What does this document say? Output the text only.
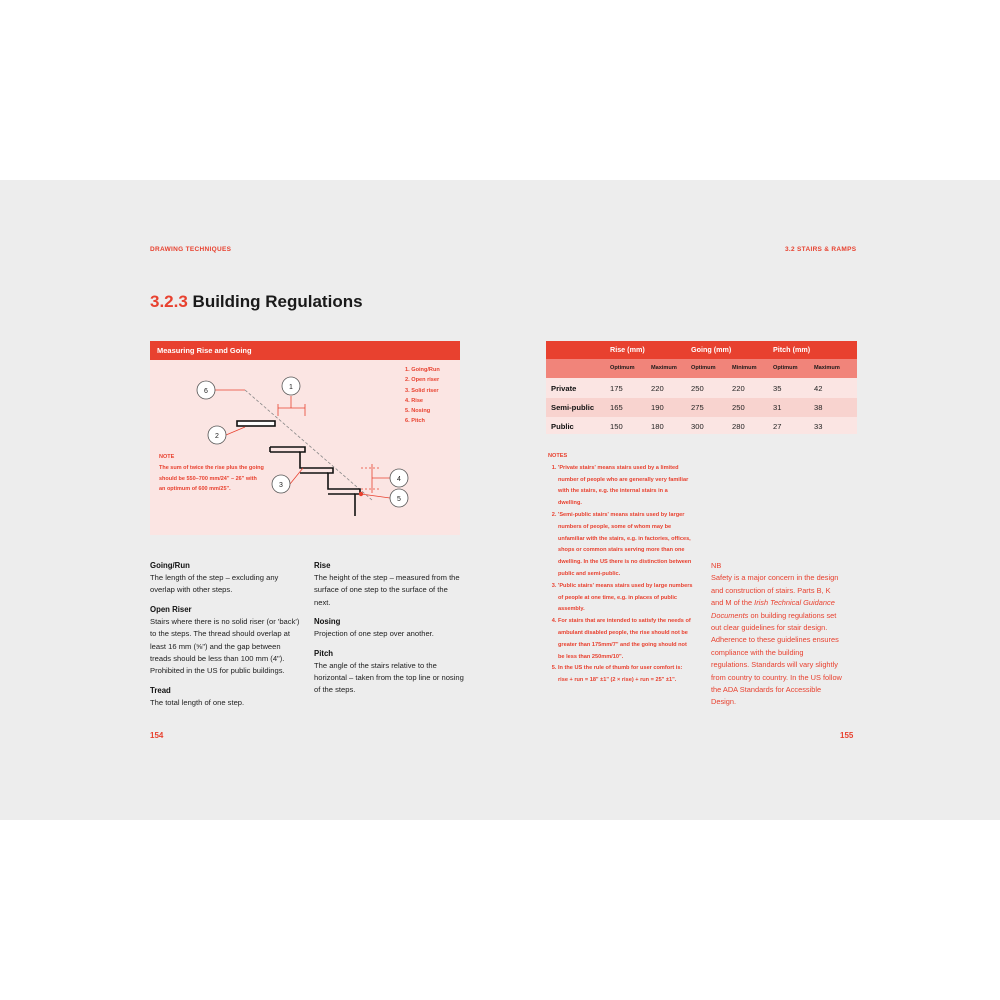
DRAWING TECHNIQUES
3.2.3 Building Regulations
Measuring Rise and Going
1
2
3
4
5
6
1. Going/Run
2. Open riser
3. Solid riser
4. Rise
5. Nosing
6. Pitch
NOTE
The sum of twice the rise plus the going should be 550–700 mm/24" – 26" with an optimum of 600 mm/25".
Going/Run
The length of the step – excluding any overlap with other steps.
Open Riser
Stairs where there is no solid riser (or 'back') to the steps. The thread should overlap at least 16 mm (⅝") and the gap between treads should be less than 100 mm (4"). Prohibited in the US for public buildings.
Tread
The total length of one step.
Rise
The height of the step – measured from the surface of one step to the surface of the next.
Nosing
Projection of one step over another.
Pitch
The angle of the stairs relative to the horizontal – taken from the top line or nosing of the steps.
154
3.2 STAIRS & RAMPS
Rise (mm)	Going (mm)	Pitch (mm)
Optimum	Maximum	Optimum	Minimum	Optimum	Maximum
Private	175	220	250	220	35	42
Semi-public 165	190	275	250	31	38
Public	150	180	300	280	27	33
NOTES
1. 'Private stairs' means stairs used by a limited number of people who are generally very familiar with the stairs, e.g. the internal stairs in a dwelling.
2. 'Semi-public stairs' means stairs used by larger numbers of people, some of whom may be unfamiliar with the stairs, e.g. in factories, offices, shops or common stairs serving more than one dwelling. In the US there is no distinction between public and semi-public.
3. 'Public stairs' means stairs used by large numbers of people at one time, e.g. in places of public assembly.
4. For stairs that are intended to satisfy the needs of ambulant disabled people, the rise should not be greater than 175mm/7" and the going should not be less than 250mm/10".
5. In the US the rule of thumb for user comfort is: rise + run = 18" ±1" (2 × rise) + run = 25" ±1".
NB
Safety is a major concern in the design and construction of stairs. Parts B, K and M of the Irish Technical Guidance Documents on building regulations set out clear guidelines for stair design. Adherence to these guidelines ensures compliance with the building regulations. Standards will vary slightly from country to country. In the US follow the ADA Standards for Accessible Design.
155
